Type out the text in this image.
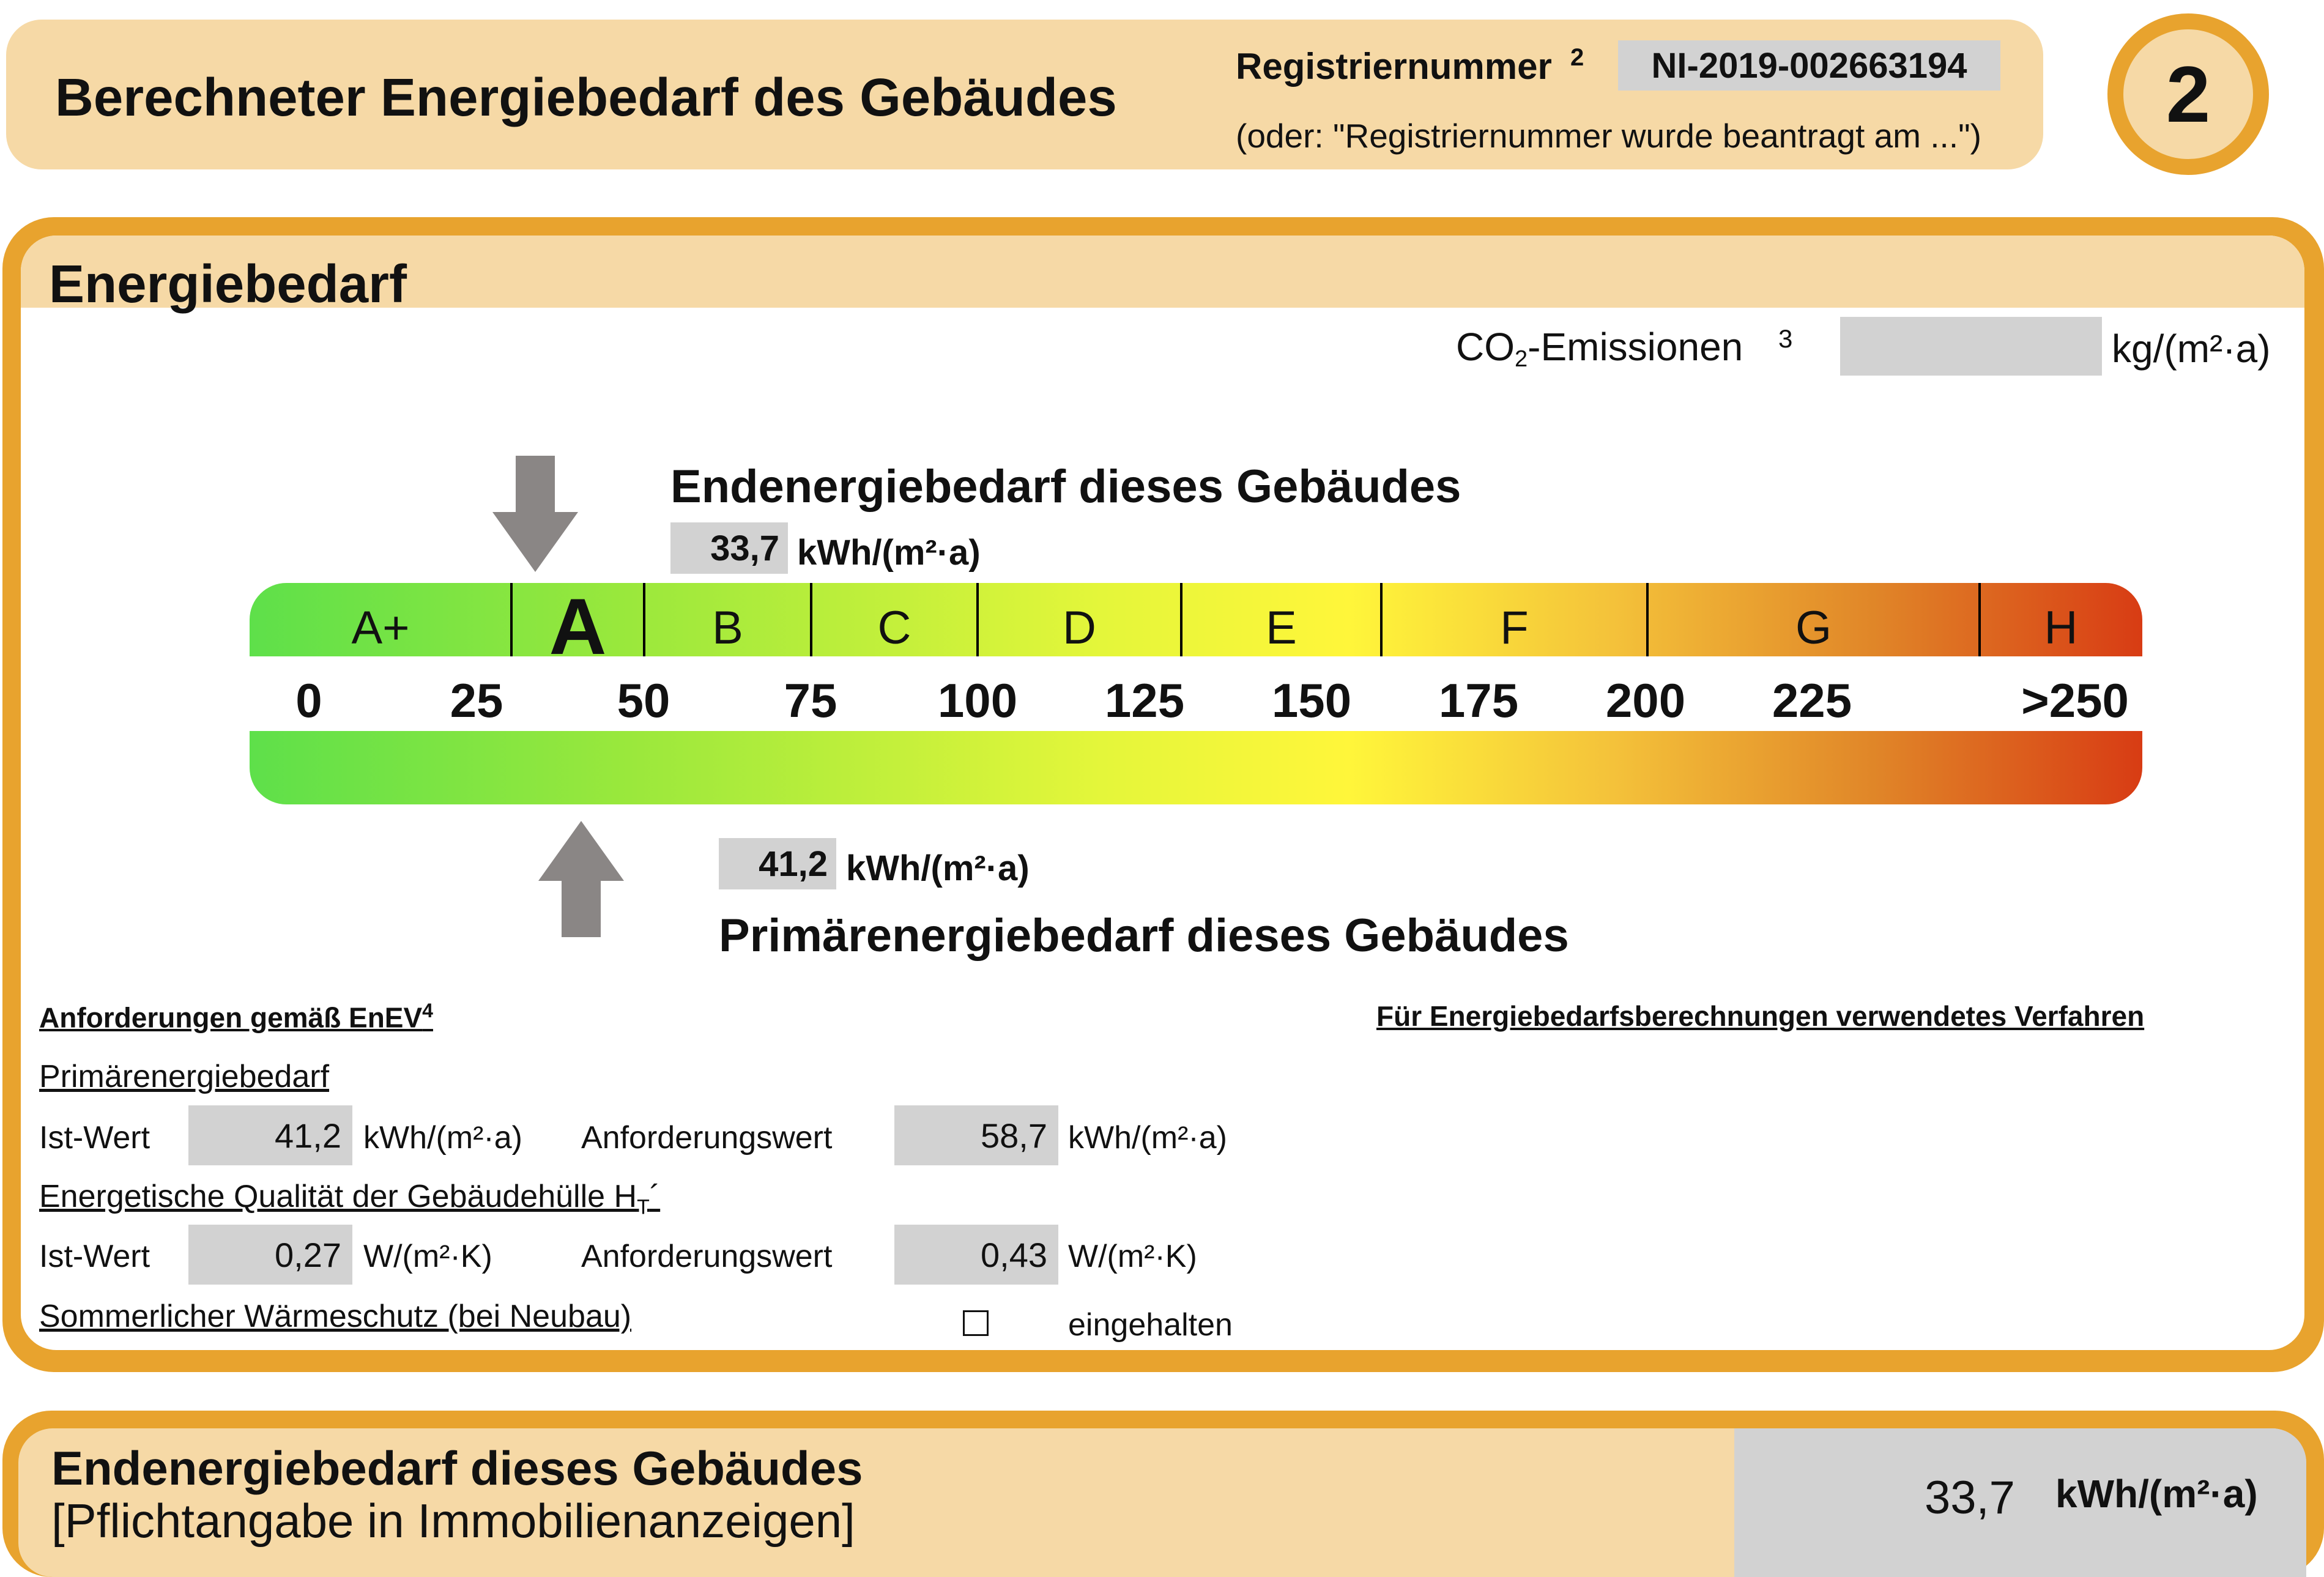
Berechneter Energiebedarf des Gebäudes
Registriernummer 2	NI-2019-002663194
(oder: "Registriernummer wurde beantragt am ...")	2
Energiebedarf
$CO_2$-Emissionen 3	kg/(m²·a)
Endenergiebedarf dieses Gebäudes
33,7 kWh/(m²·a)
A+ A B	C	D	E	F	G	H
0	25 50 75 100 125 150 175 200 225	>250
41,2 kWh/(m²·a)
Primärenergiebedarf dieses Gebäudes
Anforderungen gemäß EnEV$^4$
Primärenergiebedarf
Ist-Wert	41,2 kWh/(m²·a) Anforderungswert	58,7 kWh/(m²·a)
Energetische Qualität der Gebäudehülle $H_T´$
Ist-Wert	0,27 W/(m²·K)	Anforderungswert	0,43 W/(m²·K)
Sommerlicher Wärmeschutz (bei Neubau)	eingehalten
Für Energiebedarfsberechnungen verwendetes Verfahren
Endenergiebedarf dieses Gebäudes
[Pflichtangabe in Immobilienanzeigen]	33,7 kWh/(m²·a)
